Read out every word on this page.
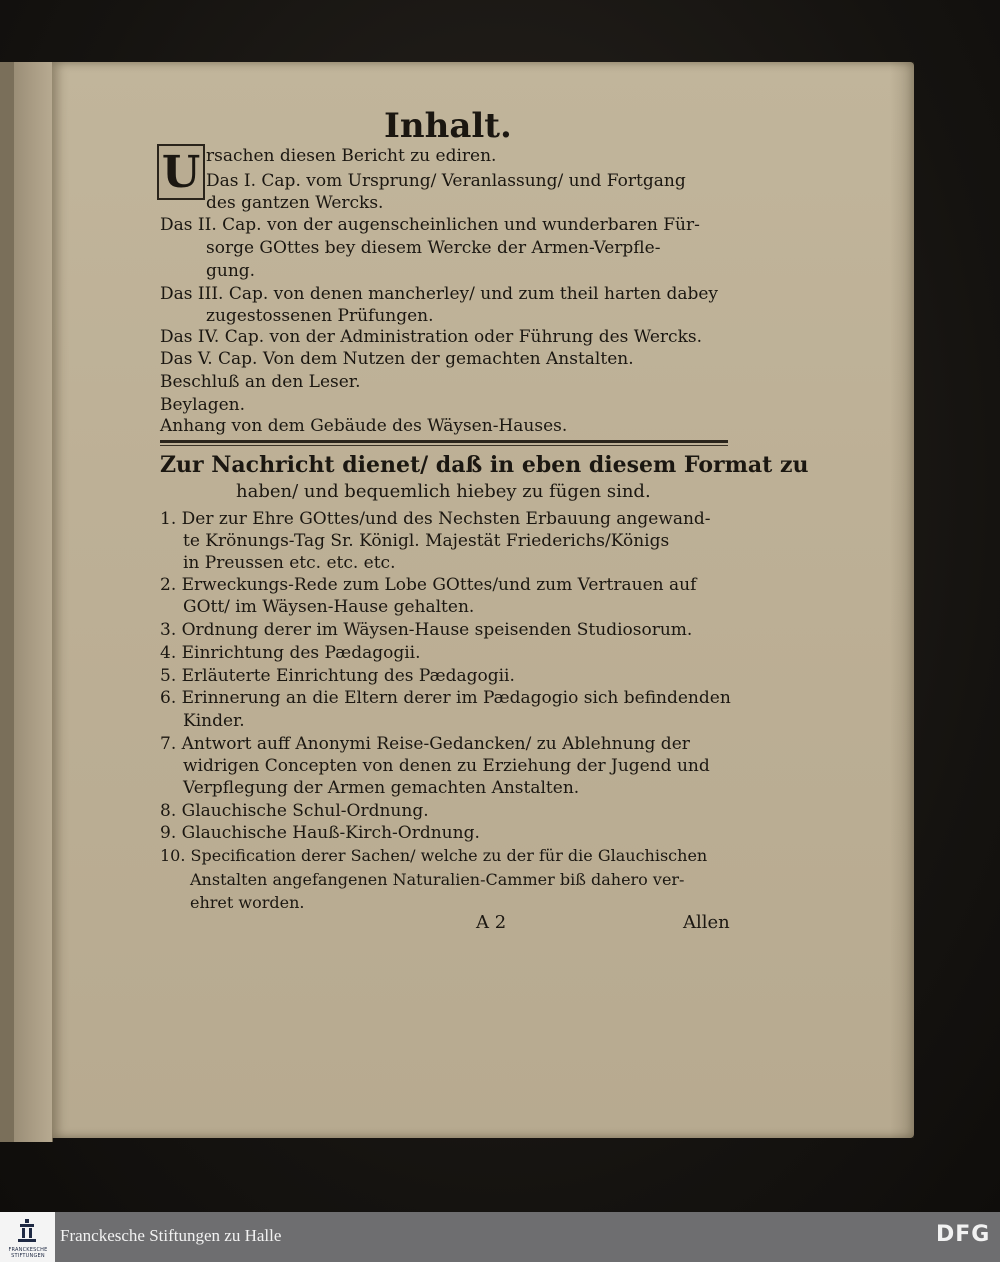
Inhalt.
U rsachen diesen Bericht zu ediren.
Das I. Cap. vom Ursprung/ Veranlassung/ und Fortgang
des gantzen Wercks.
Das II. Cap. von der augenscheinlichen und wunderbaren Für-
sorge GOttes bey diesem Wercke der Armen-Verpfle-
gung.
Das III. Cap. von denen mancherley/ und zum theil harten dabey
zugestossenen Prüfungen.
Das IV. Cap. von der Administration oder Führung des Wercks.
Das V. Cap. Von dem Nutzen der gemachten Anstalten.
Beschluß an den Leser.
Beylagen.
Anhang von dem Gebäude des Wäysen-Hauses.
Zur Nachricht dienet/ daß in eben diesem Format zu
haben/ und bequemlich hiebey zu fügen sind.
1. Der zur Ehre GOttes/und des Nechsten Erbauung angewand-
te Krönungs-Tag Sr. Königl. Majestät Friederichs/Königs
in Preussen etc. etc. etc.
2. Erweckungs-Rede zum Lobe GOttes/und zum Vertrauen auf
GOtt/ im Wäysen-Hause gehalten.
3. Ordnung derer im Wäysen-Hause speisenden Studiosorum.
4. Einrichtung des Pædagogii.
5. Erläuterte Einrichtung des Pædagogii.
6. Erinnerung an die Eltern derer im Pædagogio sich befindenden
Kinder.
7. Antwort auff Anonymi Reise-Gedancken/ zu Ablehnung der
widrigen Concepten von denen zu Erziehung der Jugend und
Verpflegung der Armen gemachten Anstalten.
8. Glauchische Schul-Ordnung.
9. Glauchische Hauß-Kirch-Ordnung.
10. Specification derer Sachen/ welche zu der für die Glauchischen
Anstalten angefangenen Naturalien-Cammer biß dahero ver-
ehret worden.
A 2	Allen
FRANCKESCHE STIFTUNGEN
Franckesche Stiftungen zu Halle	DFG
